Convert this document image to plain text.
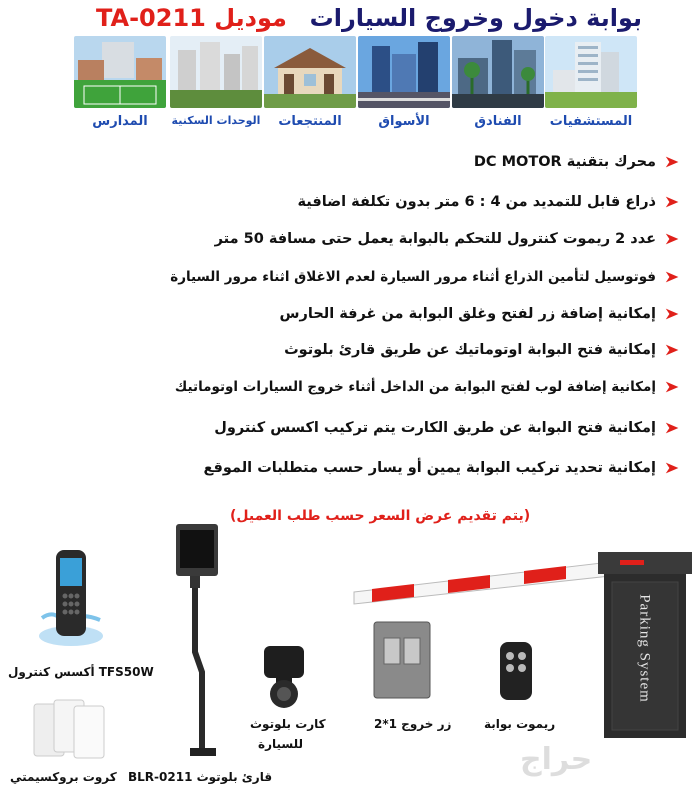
بوابة دخول وخروج السيارات
موديل TA-0211
المستشفيات
الفنادق
الأسواق
المنتجعات
الوحدات السكنية
المدارس
محرك بتقنية DC MOTOR
ذراع قابل للتمديد من 4 : 6 متر بدون تكلفة اضافية
عدد 2 ريموت كنترول للتحكم بالبوابة يعمل حتى مسافة 50 متر
فوتوسيل لتأمين الذراع أثناء مرور السيارة لعدم الاغلاق اثناء مرور السيارة
إمكانية إضافة زر لفتح وغلق البوابة من غرفة الحارس
إمكانية فتح البوابة اوتوماتيك عن طريق قارئ بلوتوث
إمكانية إضافة لوب لفتح البوابة من الداخل أثناء خروج السيارات اوتوماتيك
إمكانية فتح البوابة عن طريق الكارت يتم تركيب اكسس كنترول
إمكانية تحديد تركيب البوابة يمين أو يسار حسب متطلبات الموقع
(يتم تقديم عرض السعر حسب طلب العميل)
TFS50W أكسس كنترول
كروت بروكسيمتي قارئ بلوتوث BLR-0211
كارت بلوتوث
للسيارة
زر خروج 1*2	ريموت بوابة
Parking System
حراج
